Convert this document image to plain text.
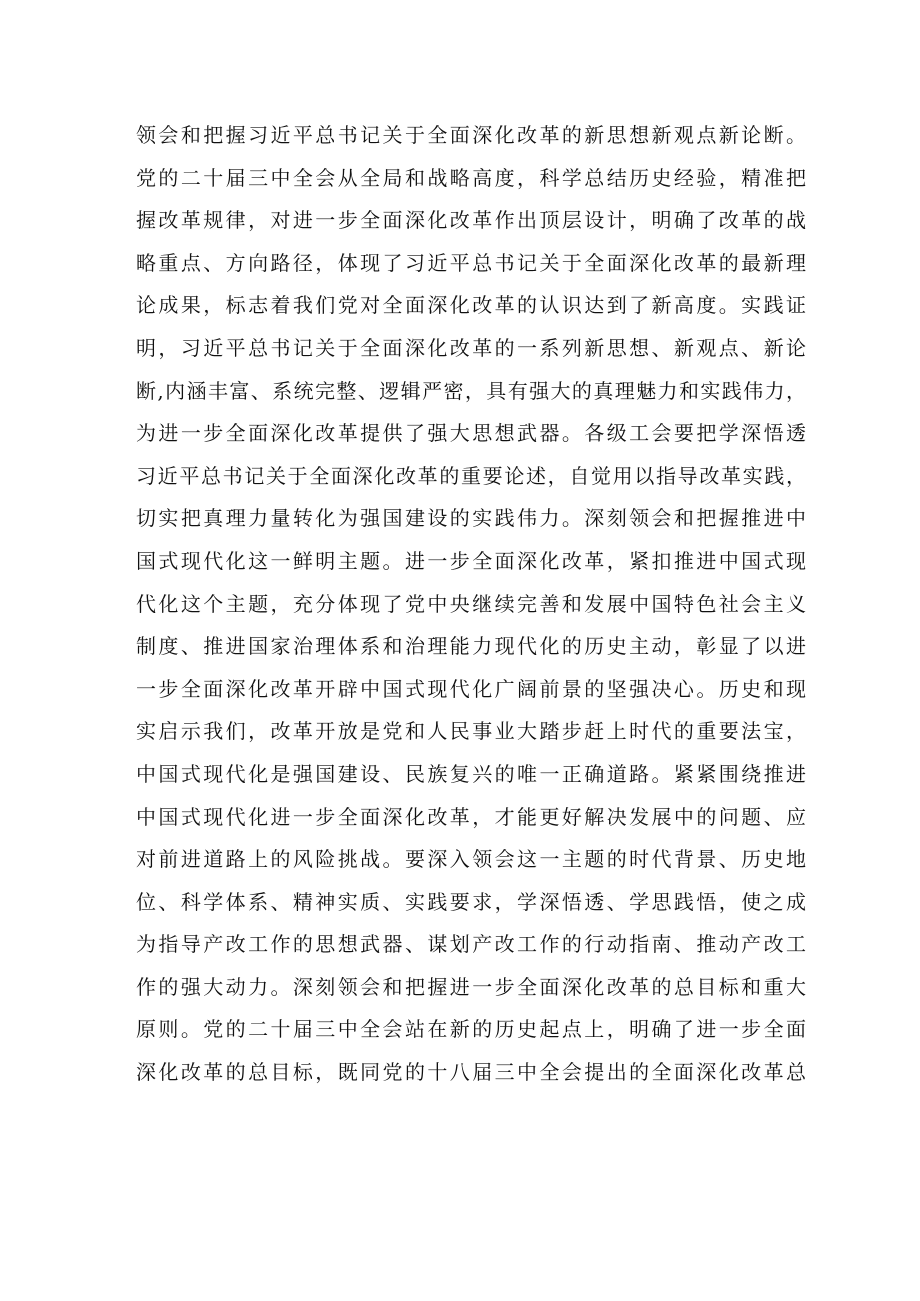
领会和把握习近平总书记关于全面深化改革的新思想新观点新论断。
党的二十届三中全会从全局和战略高度，科学总结历史经验，精准把
握改革规律，对进一步全面深化改革作出顶层设计，明确了改革的战
略重点、方向路径，体现了习近平总书记关于全面深化改革的最新理
论成果，标志着我们党对全面深化改革的认识达到了新高度。实践证
明，习近平总书记关于全面深化改革的一系列新思想、新观点、新论
断,内涵丰富、系统完整、逻辑严密，具有强大的真理魅力和实践伟力，
为进一步全面深化改革提供了强大思想武器。各级工会要把学深悟透
习近平总书记关于全面深化改革的重要论述，自觉用以指导改革实践，
切实把真理力量转化为强国建设的实践伟力。深刻领会和把握推进中
国式现代化这一鲜明主题。进一步全面深化改革，紧扣推进中国式现
代化这个主题，充分体现了党中央继续完善和发展中国特色社会主义
制度、推进国家治理体系和治理能力现代化的历史主动，彰显了以进
一步全面深化改革开辟中国式现代化广阔前景的坚强决心。历史和现
实启示我们，改革开放是党和人民事业大踏步赶上时代的重要法宝，
中国式现代化是强国建设、民族复兴的唯一正确道路。紧紧围绕推进
中国式现代化进一步全面深化改革，才能更好解决发展中的问题、应
对前进道路上的风险挑战。要深入领会这一主题的时代背景、历史地
位、科学体系、精神实质、实践要求，学深悟透、学思践悟，使之成
为指导产改工作的思想武器、谋划产改工作的行动指南、推动产改工
作的强大动力。深刻领会和把握进一步全面深化改革的总目标和重大
原则。党的二十届三中全会站在新的历史起点上，明确了进一步全面
深化改革的总目标，既同党的十八届三中全会提出的全面深化改革总
